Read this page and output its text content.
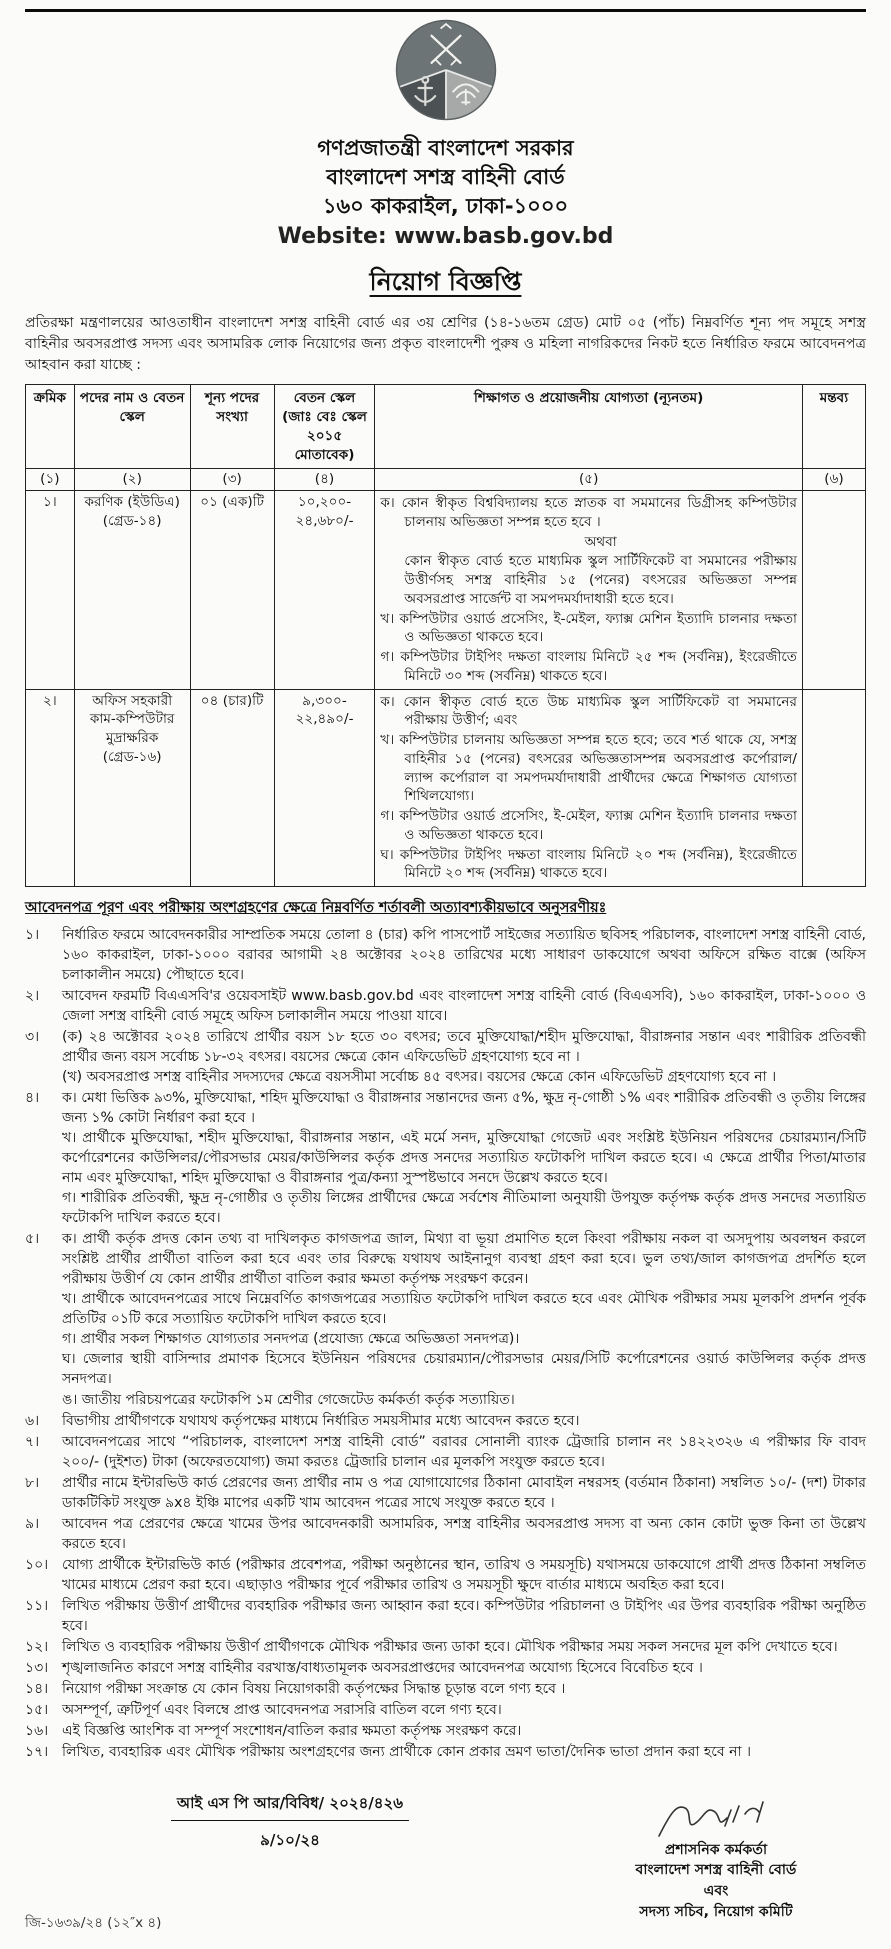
গণপ্রজাতন্ত্রী বাংলাদেশ সরকার
বাংলাদেশ সশস্ত্র বাহিনী বোর্ড
১৬০ কাকরাইল, ঢাকা-১০০০
Website: www.basb.gov.bd
নিয়োগ বিজ্ঞপ্তি

প্রতিরক্ষা মন্ত্রণালয়ের আওতাধীন বাংলাদেশ সশস্ত্র বাহিনী বোর্ড এর ৩য় শ্রেণির (১৪-১৬তম গ্রেড) মোট ০৫ (পাঁচ) নিম্নবর্ণিত শূন্য পদ সমূহে সশস্ত্র বাহিনীর অবসরপ্রাপ্ত সদস্য এবং অসামরিক লোক নিয়োগের জন্য প্রকৃত বাংলাদেশী পুরুষ ও মহিলা নাগরিকদের নিকট হতে নির্ধারিত ফরমে আবেদনপত্র আহবান করা যাচ্ছে :

ক্রমিক	পদের নাম ও বেতন স্কেল	শূন্য পদের সংখ্যা	বেতন স্কেল (জাঃ বেঃ স্কেল ২০১৫ মোতাবেক)	শিক্ষাগত ও প্রয়োজনীয় যোগ্যতা (ন্যূনতম)	মন্তব্য
(১)	(২)	(৩)	(৪)	(৫)	(৬)
১।	করণিক (ইউডিএ) (গ্রেড-১৪)	০১ (এক)টি	১০,২০০- ২৪,৬৮০/-	ক। কোন স্বীকৃত বিশ্ববিদ্যালয় হতে স্নাতক বা সমমানের ডিগ্রীসহ কম্পিউটার চালনায় অভিজ্ঞতা সম্পন্ন হতে হবে ।
অথবা
কোন স্বীকৃত বোর্ড হতে মাধ্যমিক স্কুল সার্টিফিকেট বা সমমানের পরীক্ষায় উত্তীর্ণসহ সশস্ত্র বাহিনীর ১৫ (পনের) বৎসরের অভিজ্ঞতা সম্পন্ন অবসরপ্রাপ্ত সার্জেন্ট বা সমপদমর্যাদাধারী হতে হবে।
খ। কম্পিউটার ওয়ার্ড প্রসেসিং, ই-মেইল, ফ্যাক্স মেশিন ইত্যাদি চালনার দক্ষতা ও অভিজ্ঞতা থাকতে হবে।
গ। কম্পিউটার টাইপিং দক্ষতা বাংলায় মিনিটে ২৫ শব্দ (সর্বনিম্ন), ইংরেজীতে মিনিটে ৩০ শব্দ (সর্বনিম্ন) থাকতে হবে।	

২।	অফিস সহকারী কাম-কম্পিউটার মুদ্রাক্ষরিক (গ্রেড-১৬)	০৪ (চার)টি	৯,৩০০- ২২,৪৯০/-	ক। কোন স্বীকৃত বোর্ড হতে উচ্চ মাধ্যমিক স্কুল সার্টিফিকেট বা সমমানের পরীক্ষায় উত্তীর্ণ; এবং
খ। কম্পিউটার চালনায় অভিজ্ঞতা সম্পন্ন হতে হবে; তবে শর্ত থাকে যে, সশস্ত্র বাহিনীর ১৫ (পনের) বৎসরের অভিজ্ঞতাসম্পন্ন অবসরপ্রাপ্ত কর্পোরাল/ল্যান্স কর্পোরাল বা সমপদমর্যাদাধারী প্রার্থীদের ক্ষেত্রে শিক্ষাগত যোগ্যতা শিথিলযোগ্য।
গ। কম্পিউটার ওয়ার্ড প্রসেসিং, ই-মেইল, ফ্যাক্স মেশিন ইত্যাদি চালনার দক্ষতা ও অভিজ্ঞতা থাকতে হবে।
ঘ। কম্পিউটার টাইপিং দক্ষতা বাংলায় মিনিটে ২০ শব্দ (সর্বনিম্ন), ইংরেজীতে মিনিটে ২০ শব্দ (সর্বনিম্ন) থাকতে হবে।	

আবেদনপত্র পূরণ এবং পরীক্ষায় অংশগ্রহণের ক্ষেত্রে নিম্নবর্ণিত শর্তাবলী অত্যাবশ্যকীয়ভাবে অনুসরণীয়ঃ
১।	নির্ধারিত ফরমে আবেদনকারীর সাম্প্রতিক সময়ে তোলা ৪ (চার) কপি পাসপোর্ট সাইজের সত্যায়িত ছবিসহ পরিচালক, বাংলাদেশ সশস্ত্র বাহিনী বোর্ড, ১৬০ কাকরাইল, ঢাকা-১০০০ বরাবর আগামী ২৪ অক্টোবর ২০২৪ তারিখের মধ্যে সাধারণ ডাকযোগে অথবা অফিসে রক্ষিত বাক্সে (অফিস চলাকালীন সময়ে) পৌছাতে হবে।
২।	আবেদন ফরমটি বিএএসবি'র ওয়েবসাইট www.basb.gov.bd এবং বাংলাদেশ সশস্ত্র বাহিনী বোর্ড (বিএএসবি), ১৬০ কাকরাইল, ঢাকা-১০০০ ও জেলা সশস্ত্র বাহিনী বোর্ড সমূহে অফিস চলাকালীন সময়ে পাওয়া যাবে।
৩।	(ক) ২৪ অক্টোবর ২০২৪ তারিখে প্রার্থীর বয়স ১৮ হতে ৩০ বৎসর; তবে মুক্তিযোদ্ধা/শহীদ মুক্তিযোদ্ধা, বীরাঙ্গনার সন্তান এবং শারীরিক প্রতিবন্ধী প্রার্থীর জন্য বয়স সর্বোচ্চ ১৮-৩২ বৎসর। বয়সের ক্ষেত্রে কোন এফিডেভিট গ্রহণযোগ্য হবে না ।
(খ) অবসরপ্রাপ্ত সশস্ত্র বাহিনীর সদস্যদের ক্ষেত্রে বয়সসীমা সর্বোচ্চ ৪৫ বৎসর। বয়সের ক্ষেত্রে কোন এফিডেভিট গ্রহণযোগ্য হবে না ।
৪।	ক। মেধা ভিত্তিক ৯৩%, মুক্তিযোদ্ধা, শহিদ মুক্তিযোদ্ধা ও বীরাঙ্গনার সন্তানদের জন্য ৫%, ক্ষুদ্র নৃ-গোষ্ঠী ১% এবং শারীরিক প্রতিবন্ধী ও তৃতীয় লিঙ্গের জন্য ১% কোটা নির্ধারণ করা হবে ।
খ। প্রার্থীকে মুক্তিযোদ্ধা, শহীদ মুক্তিযোদ্ধা, বীরাঙ্গনার সন্তান, এই মর্মে সনদ, মুক্তিযোদ্ধা গেজেট এবং সংশ্লিষ্ট ইউনিয়ন পরিষদের চেয়ারম্যান/সিটি কর্পোরেশনের কাউন্সিলর/পৌরসভার মেয়র/কাউন্সিলর কর্তৃক প্রদত্ত সনদের সত্যায়িত ফটোকপি দাখিল করতে হবে। এ ক্ষেত্রে প্রার্থীর পিতা/মাতার নাম এবং মুক্তিযোদ্ধা, শহিদ মুক্তিযোদ্ধা ও বীরাঙ্গনার পুত্র/কন্যা সুস্পষ্টভাবে সনদে উল্লেখ করতে হবে।
গ। শারীরিক প্রতিবন্ধী, ক্ষুদ্র নৃ-গোষ্ঠীর ও তৃতীয় লিঙ্গের প্রার্থীদের ক্ষেত্রে সর্বশেষ নীতিমালা অনুযায়ী উপযুক্ত কর্তৃপক্ষ কর্তৃক প্রদত্ত সনদের সত্যায়িত ফটোকপি দাখিল করতে হবে।
৫।	ক। প্রার্থী কর্তৃক প্রদত্ত কোন তথ্য বা দাখিলকৃত কাগজপত্র জাল, মিথ্যা বা ভূয়া প্রমাণিত হলে কিংবা পরীক্ষায় নকল বা অসদুপায় অবলম্বন করলে সংশ্লিষ্ট প্রার্থীর প্রার্থীতা বাতিল করা হবে এবং তার বিরুদ্ধে যথাযথ আইনানুগ ব্যবস্থা গ্রহণ করা হবে। ভুল তথ্য/জাল কাগজপত্র প্রদর্শিত হলে পরীক্ষায় উত্তীর্ণ যে কোন প্রার্থীর প্রার্থীতা বাতিল করার ক্ষমতা কর্তৃপক্ষ সংরক্ষণ করেন।
খ। প্রার্থীকে আবেদনপত্রের সাথে নিম্নেবর্ণিত কাগজপত্রের সত্যায়িত ফটোকপি দাখিল করতে হবে এবং মৌখিক পরীক্ষার সময় মূলকপি প্রদর্শন পূর্বক প্রতিটির ০১টি করে সত্যায়িত ফটোকপি দাখিল করতে হবে।
গ। প্রার্থীর সকল শিক্ষাগত যোগ্যতার সনদপত্র (প্রযোজ্য ক্ষেত্রে অভিজ্ঞতা সনদপত্র)।
ঘ। জেলার স্থায়ী বাসিন্দার প্রমাণক হিসেবে ইউনিয়ন পরিষদের চেয়ারম্যান/পৌরসভার মেয়র/সিটি কর্পোরেশনের ওয়ার্ড কাউন্সিলর কর্তৃক প্রদত্ত সনদপত্র।
ঙ। জাতীয় পরিচয়পত্রের ফটোকপি ১ম শ্রেণীর গেজেটেড কর্মকর্তা কর্তৃক সত্যায়িত।
৬।	বিভাগীয় প্রার্থীগণকে যথাযথ কর্তৃপক্ষের মাধ্যমে নির্ধারিত সময়সীমার মধ্যে আবেদন করতে হবে।
৭।	আবেদনপত্রের সাথে “পরিচালক, বাংলাদেশ সশস্ত্র বাহিনী বোর্ড” বরাবর সোনালী ব্যাংক ট্রেজারি চালান নং ১৪২২৩২৬ এ পরীক্ষার ফি বাবদ ২০০/- (দুইশত) টাকা (অফেরতযোগ্য) জমা করতঃ ট্রেজারি চালান এর মূলকপি সংযুক্ত করতে হবে।
৮।	প্রার্থীর নামে ইন্টারভিউ কার্ড প্রেরণের জন্য প্রার্থীর নাম ও পত্র যোগাযোগের ঠিকানা মোবাইল নম্বরসহ (বর্তমান ঠিকানা) সম্বলিত ১০/- (দশ) টাকার ডাকটিকিট সংযুক্ত ৯x৪ ইঞ্চি মাপের একটি খাম আবেদন পত্রের সাথে সংযুক্ত করতে হবে ।
৯।	আবেদন পত্র প্রেরণের ক্ষেত্রে খামের উপর আবেদনকারী অসামরিক, সশস্ত্র বাহিনীর অবসরপ্রাপ্ত সদস্য বা অন্য কোন কোটা ভুক্ত কিনা তা উল্লেখ করতে হবে।
১০। যোগ্য প্রার্থীকে ইন্টারভিউ কার্ড (পরীক্ষার প্রবেশপত্র, পরীক্ষা অনুষ্ঠানের স্থান, তারিখ ও সময়সূচি) যথাসময়ে ডাকযোগে প্রার্থী প্রদত্ত ঠিকানা সম্বলিত খামের মাধ্যমে প্রেরণ করা হবে। এছাড়াও পরীক্ষার পূর্বে পরীক্ষার তারিখ ও সময়সূচী ক্ষুদে বার্তার মাধ্যমে অবহিত করা হবে।
১১। লিখিত পরীক্ষায় উত্তীর্ণ প্রার্থীদের ব্যবহারিক পরীক্ষার জন্য আহ্বান করা হবে। কম্পিউটার পরিচালনা ও টাইপিং এর উপর ব্যবহারিক পরীক্ষা অনুষ্ঠিত হবে।
১২। লিখিত ও ব্যবহারিক পরীক্ষায় উত্তীর্ণ প্রার্থীগণকে মৌখিক পরীক্ষার জন্য ডাকা হবে। মৌখিক পরীক্ষার সময় সকল সনদের মূল কপি দেখাতে হবে।
১৩। শৃঙ্খলাজনিত কারণে সশস্ত্র বাহিনীর বরখাস্ত/বাধ্যতামূলক অবসরপ্রাপ্তদের আবেদনপত্র অযোগ্য হিসেবে বিবেচিত হবে ।
১৪। নিয়োগ পরীক্ষা সংক্রান্ত যে কোন বিষয় নিয়োগকারী কর্তৃপক্ষের সিদ্ধান্ত চূড়ান্ত বলে গণ্য হবে ।
১৫। অসম্পূর্ণ, ত্রুটিপূর্ণ এবং বিলম্বে প্রাপ্ত আবেদনপত্র সরাসরি বাতিল বলে গণ্য হবে।
১৬। এই বিজ্ঞপ্তি আংশিক বা সম্পূর্ণ সংশোধন/বাতিল করার ক্ষমতা কর্তৃপক্ষ সংরক্ষণ করে।
১৭। লিখিত, ব্যবহারিক এবং মৌখিক পরীক্ষায় অংশগ্রহণের জন্য প্রার্থীকে কোন প্রকার ভ্রমণ ভাতা/দৈনিক ভাতা প্রদান করা হবে না ।
আই এস পি আর/বিবিধ/ ২০২৪/৪২৬
৯/১০/২৪
জি-১৬৩৯/২৪ (১২″x ৪)
প্রশাসনিক কর্মকর্তা
বাংলাদেশ সশস্ত্র বাহিনী বোর্ড
এবং
সদস্য সচিব, নিয়োগ কমিটি
